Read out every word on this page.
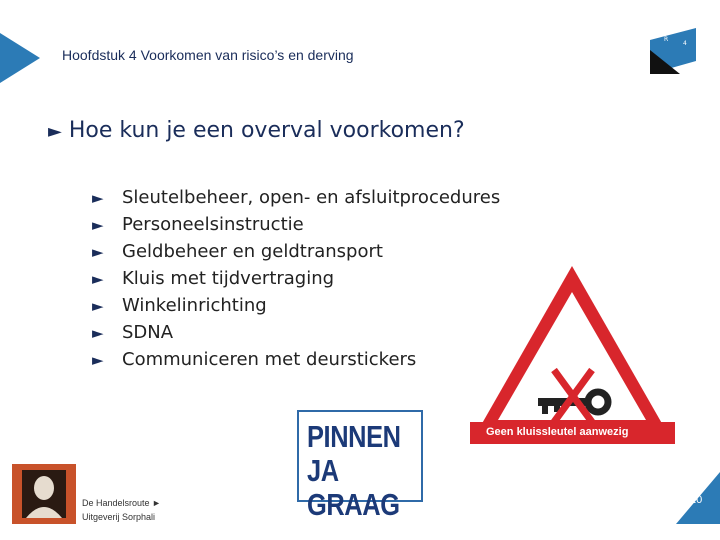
Hoofdstuk 4 Voorkomen van risico’s en derving
R
4
► Hoe kun je een overval voorkomen?
►	Sleutelbeheer, open- en afsluitprocedures
►	Personeelsinstructie
►	Geldbeheer en geldtransport
►	Kluis met tijdvertraging
►	Winkelinrichting
►	SDNA
►	Communiceren met deurstickers
Geen kluissleutel aanwezig
PINNEN
JA GRAAG
De Handelsroute ►
Uitgeverij Sorphali
20
